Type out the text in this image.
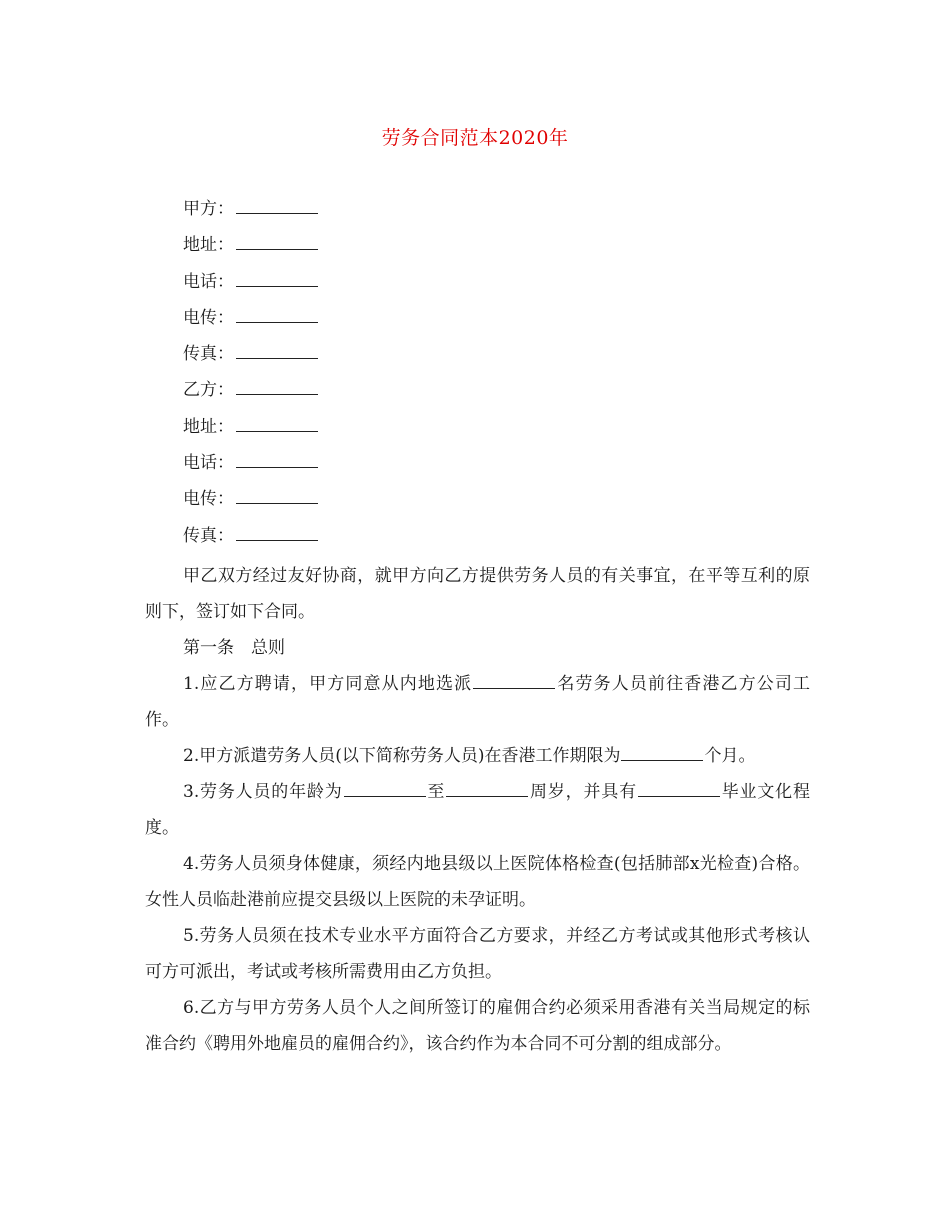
劳务合同范本2020年
甲方：
地址：
电话：
电传：
传真：
乙方：
地址：
电话：
电传：
传真：

甲乙双方经过友好协商，就甲方向乙方提供劳务人员的有关事宜，在平等互利的原则下，签订如下合同。

第一条　总则

1.应乙方聘请，甲方同意从内地选派	名劳务人员前往香港乙方公司工作。

2.甲方派遣劳务人员(以下简称劳务人员)在香港工作期限为	个月。

3.劳务人员的年龄为	至	周岁，并具有	毕业文化程度。

4.劳务人员须身体健康，须经内地县级以上医院体格检查(包括肺部x光检查)合格。女性人员临赴港前应提交县级以上医院的未孕证明。

5.劳务人员须在技术专业水平方面符合乙方要求，并经乙方考试或其他形式考核认可方可派出，考试或考核所需费用由乙方负担。

6.乙方与甲方劳务人员个人之间所签订的雇佣合约必须采用香港有关当局规定的标准合约《聘用外地雇员的雇佣合约》，该合约作为本合同不可分割的组成部分。
